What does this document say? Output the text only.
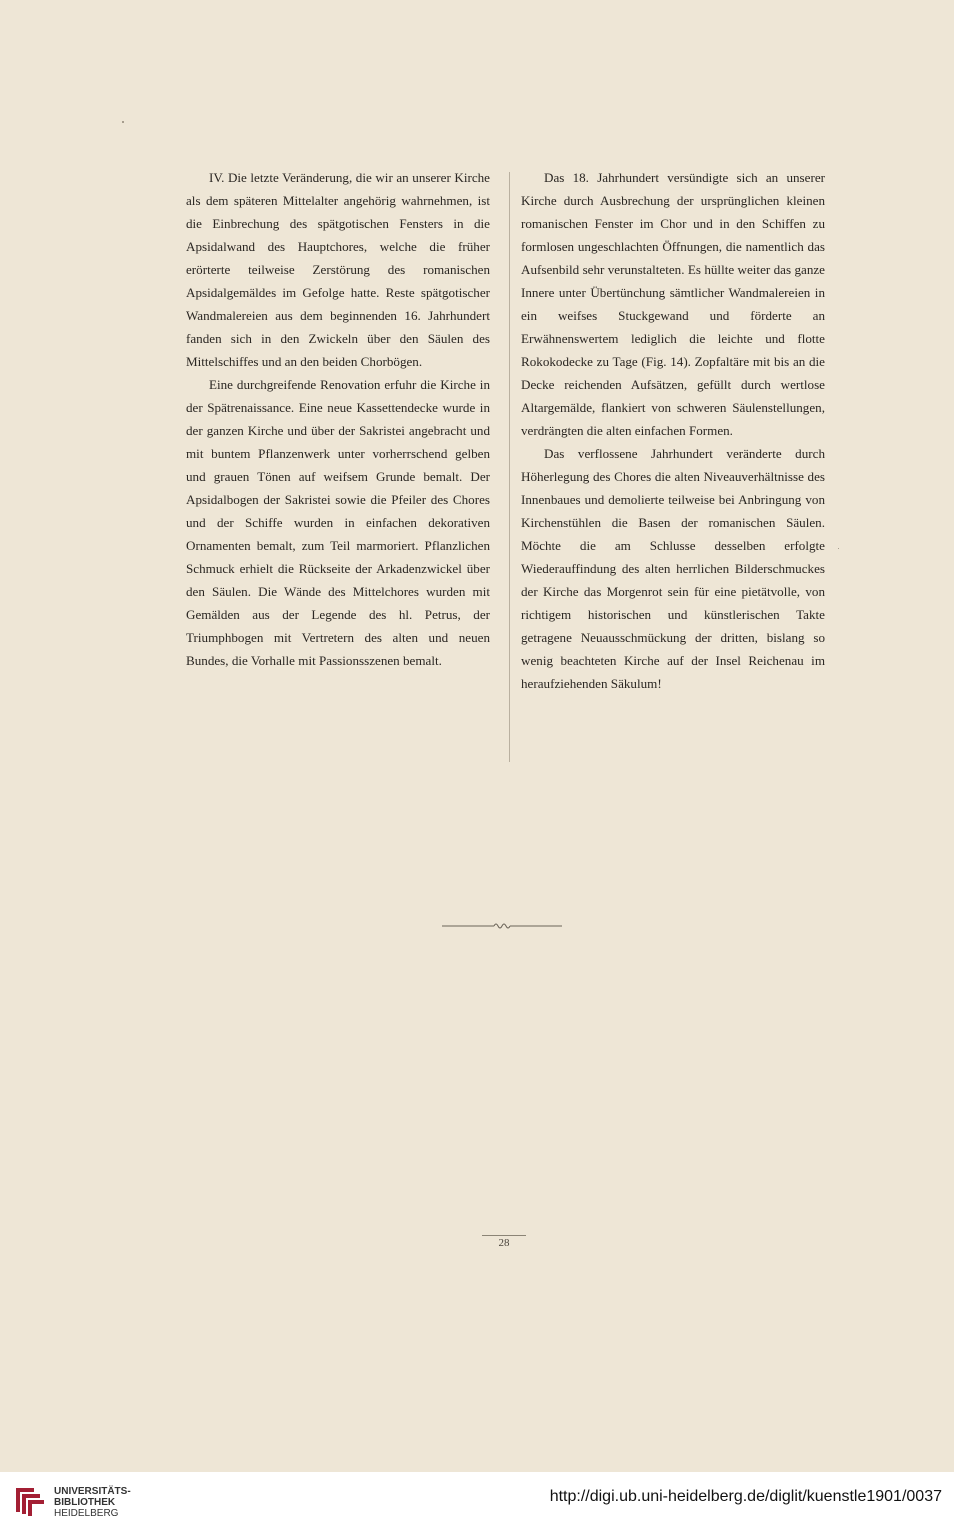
IV. Die letzte Veränderung, die wir an unserer Kirche als dem späteren Mittelalter angehörig wahrnehmen, ist die Einbrechung des spätgotischen Fensters in die Apsidalwand des Hauptchores, welche die früher erörterte teilweise Zerstörung des romanischen Apsidalgemäldes im Gefolge hatte. Reste spätgotischer Wandmalereien aus dem beginnenden 16. Jahrhundert fanden sich in den Zwickeln über den Säulen des Mittelschiffes und an den beiden Chorbögen.

Eine durchgreifende Renovation erfuhr die Kirche in der Spätrenaissance. Eine neue Kassettendecke wurde in der ganzen Kirche und über der Sakristei angebracht und mit buntem Pflanzenwerk unter vorherrschend gelben und grauen Tönen auf weifsem Grunde bemalt. Der Apsidalbogen der Sakristei sowie die Pfeiler des Chores und der Schiffe wurden in einfachen dekorativen Ornamenten bemalt, zum Teil marmoriert. Pflanzlichen Schmuck erhielt die Rückseite der Arkadenzwickel über den Säulen. Die Wände des Mittelchores wurden mit Gemälden aus der Legende des hl. Petrus, der Triumphbogen mit Vertretern des alten und neuen Bundes, die Vorhalle mit Passionsszenen bemalt.

Das 18. Jahrhundert versündigte sich an unserer Kirche durch Ausbrechung der ursprünglichen kleinen romanischen Fenster im Chor und in den Schiffen zu formlosen ungeschlachten Öffnungen, die namentlich das Aufsenbild sehr verunstalteten. Es hüllte weiter das ganze Innere unter Übertünchung sämtlicher Wandmalereien in ein weifses Stuckgewand und förderte an Erwähnenswertem lediglich die leichte und flotte Rokokodecke zu Tage (Fig. 14). Zopfaltäre mit bis an die Decke reichenden Aufsätzen, gefüllt durch wertlose Altargemälde, flankiert von schweren Säulenstellungen, verdrängten die alten einfachen Formen.

Das verflossene Jahrhundert veränderte durch Höherlegung des Chores die alten Niveauverhältnisse des Innenbaues und demolierte teilweise bei Anbringung von Kirchenstühlen die Basen der romanischen Säulen. Möchte die am Schlusse desselben erfolgte Wiederauffindung des alten herrlichen Bilderschmuckes der Kirche das Morgenrot sein für eine pietätvolle, von richtigem historischen und künstlerischen Takte getragene Neuausschmückung der dritten, bislang so wenig beachteten Kirche auf der Insel Reichenau im heraufziehenden Säkulum!

28
UNIVERSITÄTS-
BIBLIOTHEK
HEIDELBERG
http://digi.ub.uni-heidelberg.de/diglit/kuenstle1901/0037
